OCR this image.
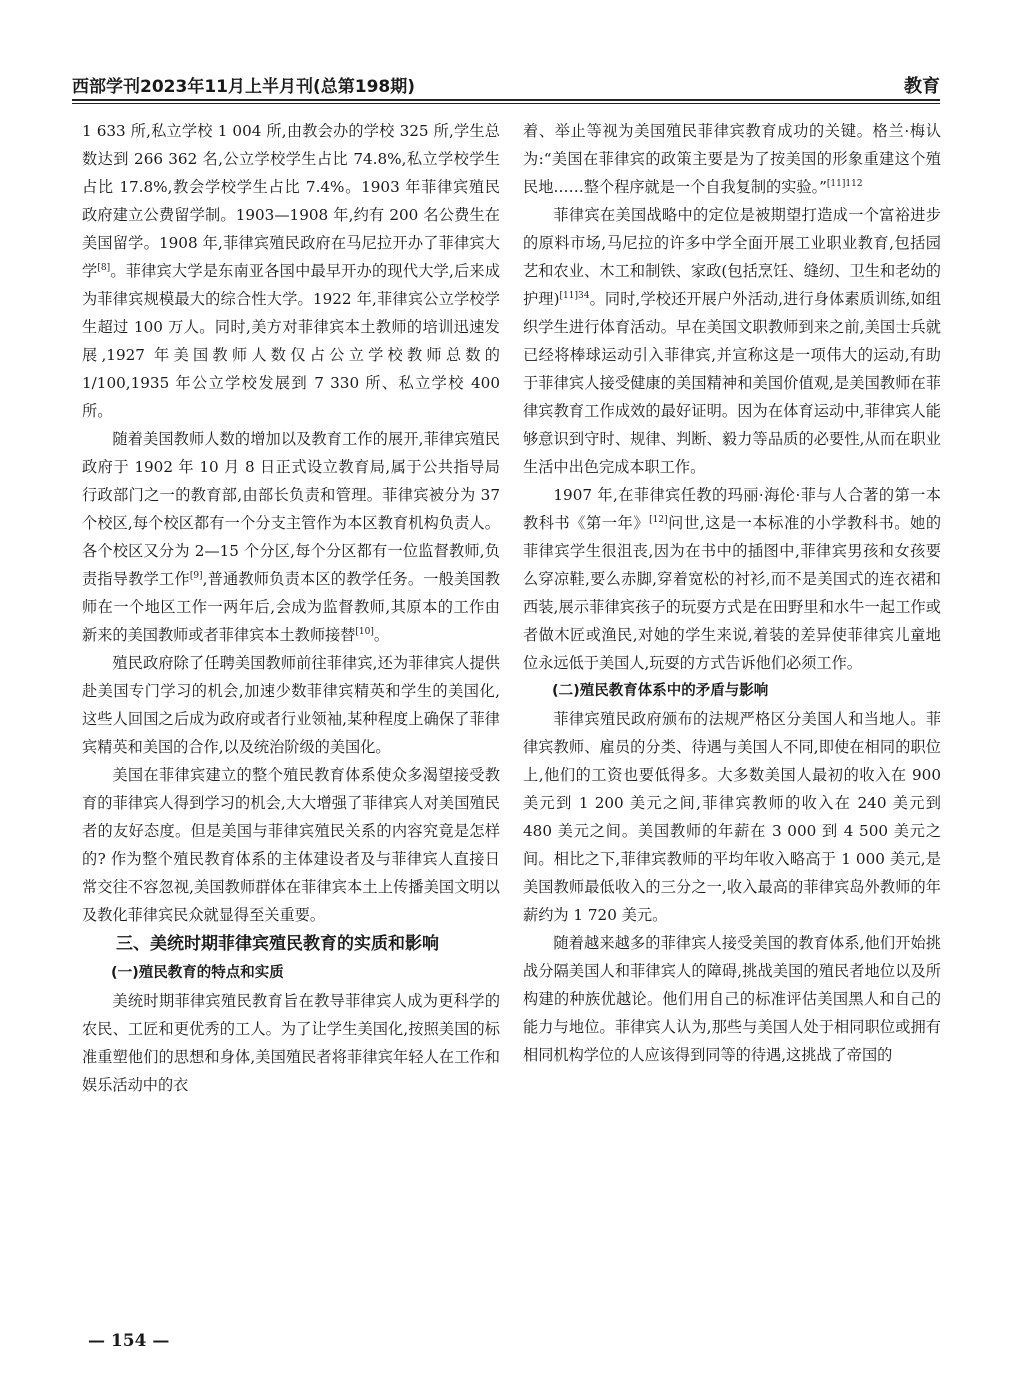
西部学刊2023年11月上半月刊(总第198期)	教育

1 633 所,私立学校 1 004 所,由教会办的学校 325 所,学生总数达到 266 362 名,公立学校学生占比 74.8%,私立学校学生占比 17.8%,教会学校学生占比 7.4%。1903 年菲律宾殖民政府建立公费留学制。1903—1908 年,约有 200 名公费生在美国留学。1908 年,菲律宾殖民政府在马尼拉开办了菲律宾大学[8]。菲律宾大学是东南亚各国中最早开办的现代大学,后来成为菲律宾规模最大的综合性大学。1922 年,菲律宾公立学校学生超过 100 万人。同时,美方对菲律宾本土教师的培训迅速发展,1927 年美国教师人数仅占公立学校教师总数的 1/100,1935 年公立学校发展到 7 330 所、私立学校 400 所。

随着美国教师人数的增加以及教育工作的展开,菲律宾殖民政府于 1902 年 10 月 8 日正式设立教育局,属于公共指导局行政部门之一的教育部,由部长负责和管理。菲律宾被分为 37 个校区,每个校区都有一个分支主管作为本区教育机构负责人。各个校区又分为 2—15 个分区,每个分区都有一位监督教师,负责指导教学工作[9],普通教师负责本区的教学任务。一般美国教师在一个地区工作一两年后,会成为监督教师,其原本的工作由新来的美国教师或者菲律宾本土教师接替[10]。

殖民政府除了任聘美国教师前往菲律宾,还为菲律宾人提供赴美国专门学习的机会,加速少数菲律宾精英和学生的美国化,这些人回国之后成为政府或者行业领袖,某种程度上确保了菲律宾精英和美国的合作,以及统治阶级的美国化。

美国在菲律宾建立的整个殖民教育体系使众多渴望接受教育的菲律宾人得到学习的机会,大大增强了菲律宾人对美国殖民者的友好态度。但是美国与菲律宾殖民关系的内容究竟是怎样的? 作为整个殖民教育体系的主体建设者及与菲律宾人直接日常交往不容忽视,美国教师群体在菲律宾本土上传播美国文明以及教化菲律宾民众就显得至关重要。

三、美统时期菲律宾殖民教育的实质和影响
(一)殖民教育的特点和实质

美统时期菲律宾殖民教育旨在教导菲律宾人成为更科学的农民、工匠和更优秀的工人。为了让学生美国化,按照美国的标准重塑他们的思想和身体,美国殖民者将菲律宾年轻人在工作和娱乐活动中的衣

着、举止等视为美国殖民菲律宾教育成功的关键。格兰·梅认为:“美国在菲律宾的政策主要是为了按美国的形象重建这个殖民地……整个程序就是一个自我复制的实验。”$^{[11]112}$

菲律宾在美国战略中的定位是被期望打造成一个富裕进步的原料市场,马尼拉的许多中学全面开展工业职业教育,包括园艺和农业、木工和制铁、家政(包括烹饪、缝纫、卫生和老幼的护理)$^{[11]34}$。同时,学校还开展户外活动,进行身体素质训练,如组织学生进行体育活动。早在美国文职教师到来之前,美国士兵就已经将棒球运动引入菲律宾,并宣称这是一项伟大的运动,有助于菲律宾人接受健康的美国精神和美国价值观,是美国教师在菲律宾教育工作成效的最好证明。因为在体育运动中,菲律宾人能够意识到守时、规律、判断、毅力等品质的必要性,从而在职业生活中出色完成本职工作。

1907 年,在菲律宾任教的玛丽·海伦·菲与人合著的第一本教科书《第一年》[12]问世,这是一本标准的小学教科书。她的菲律宾学生很沮丧,因为在书中的插图中,菲律宾男孩和女孩要么穿凉鞋,要么赤脚,穿着宽松的衬衫,而不是美国式的连衣裙和西装,展示菲律宾孩子的玩耍方式是在田野里和水牛一起工作或者做木匠或渔民,对她的学生来说,着装的差异使菲律宾儿童地位永远低于美国人,玩耍的方式告诉他们必须工作。

(二)殖民教育体系中的矛盾与影响

菲律宾殖民政府颁布的法规严格区分美国人和当地人。菲律宾教师、雇员的分类、待遇与美国人不同,即使在相同的职位上,他们的工资也要低得多。大多数美国人最初的收入在 900 美元到 1 200 美元之间,菲律宾教师的收入在 240 美元到 480 美元之间。美国教师的年薪在 3 000 到 4 500 美元之间。相比之下,菲律宾教师的平均年收入略高于 1 000 美元,是美国教师最低收入的三分之一,收入最高的菲律宾岛外教师的年薪约为 1 720 美元。

随着越来越多的菲律宾人接受美国的教育体系,他们开始挑战分隔美国人和菲律宾人的障碍,挑战美国的殖民者地位以及所构建的种族优越论。他们用自己的标准评估美国黑人和自己的能力与地位。菲律宾人认为,那些与美国人处于相同职位或拥有相同机构学位的人应该得到同等的待遇,这挑战了帝国的

— 154 —
